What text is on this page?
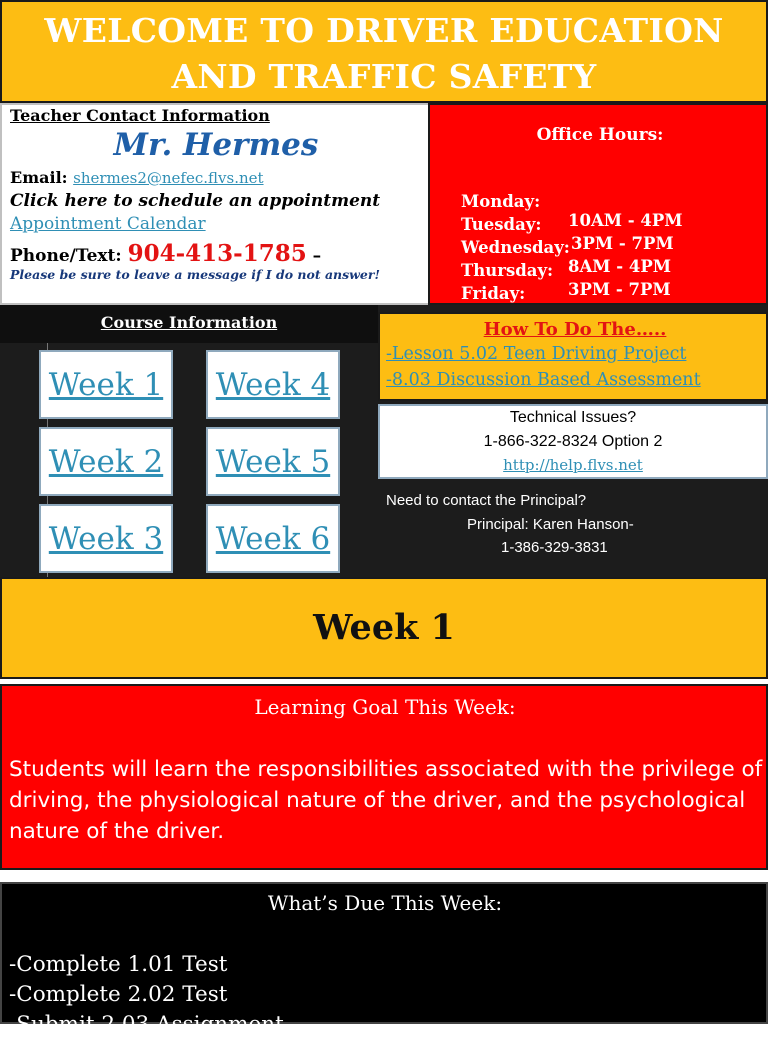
WELCOME TO DRIVER EDUCATION
AND TRAFFIC SAFETY
Teacher Contact Information
Mr. Hermes
Email: shermes2@nefec.flvs.net
Click here to schedule an appointment
Appointment Calendar
Phone/Text: 904-413-1785 –
Please be sure to leave a message if I do not answer!
Office Hours:

Monday:

10AM - 4PM

Tuesday:

3PM - 7PM

Wednesday:

8AM - 4PM

Thursday:

3PM - 7PM

Friday:

Course Information
Week 1
Week 2
Week 3
Week 4
Week 5
Week 6
How To Do The…..
-Lesson 5.02 Teen Driving Project
-8.03 Discussion Based Assessment
Technical Issues?
1-866-322-8324 Option 2
http://help.flvs.net
Need to contact the Principal?
Principal: Karen Hanson-
1-386-329-3831
Week 1
Learning Goal This Week:
Students will learn the responsibilities associated with the privilege of driving, the physiological nature of the driver, and the psychological nature of the driver.
What’s Due This Week:
-Complete 1.01 Test
-Complete 2.02 Test
-Submit 2.03 Assignment
